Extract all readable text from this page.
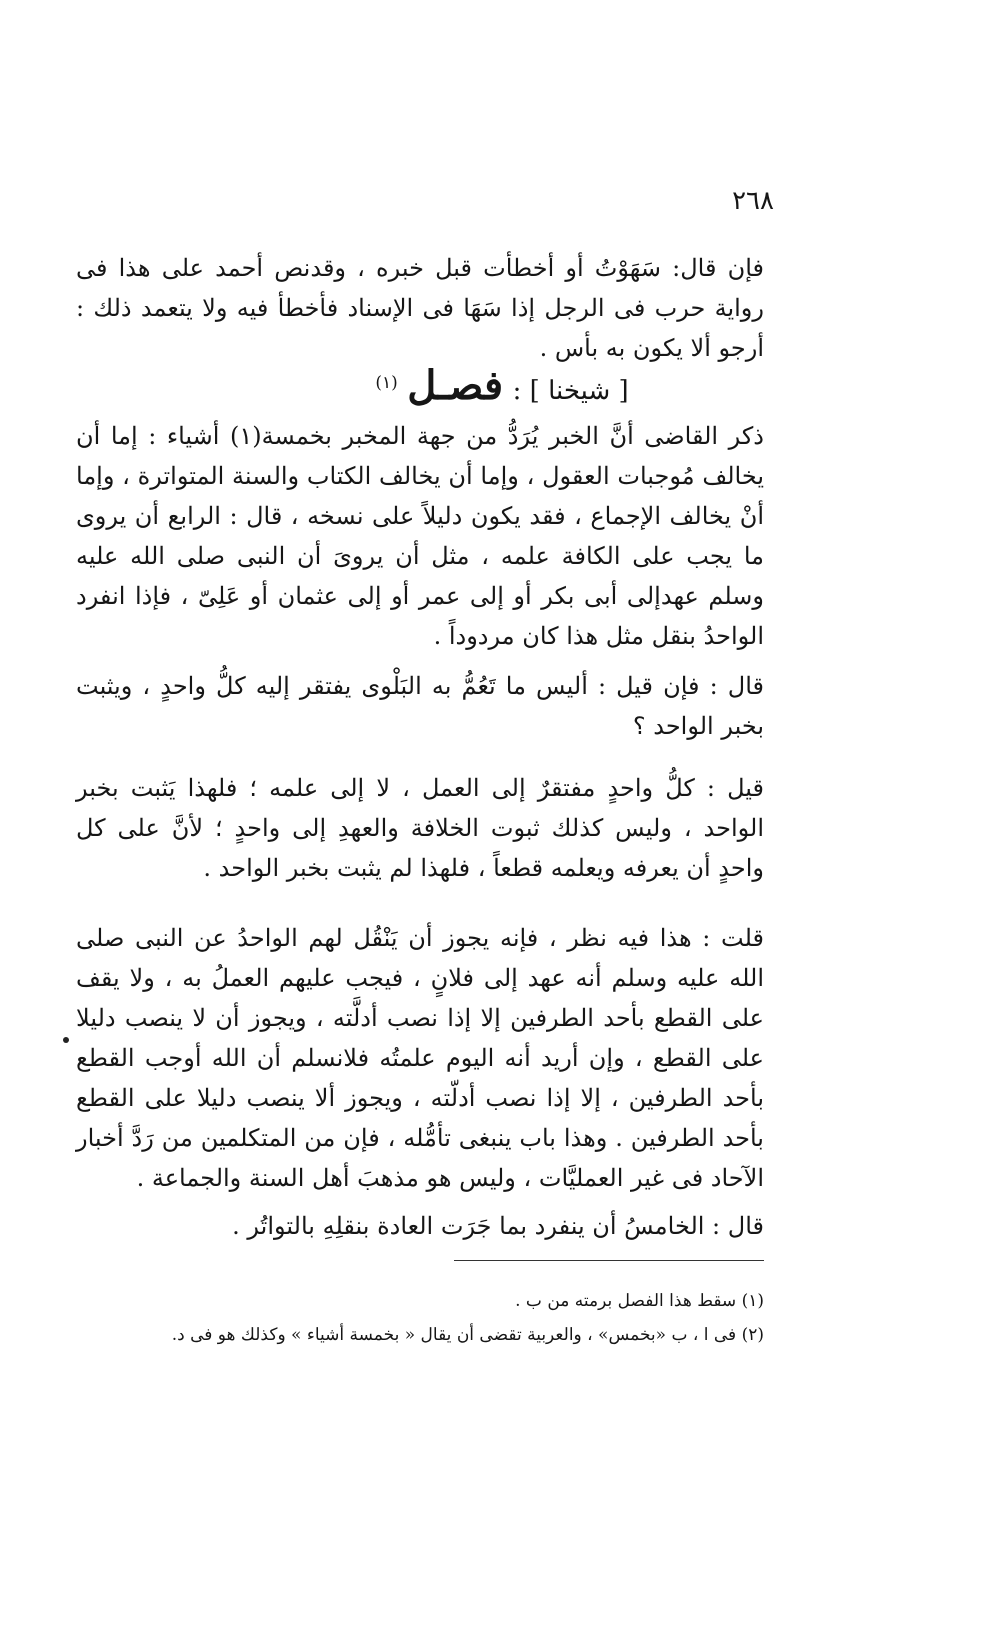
٢٦٨

فإن قال: سَهَوْتُ أو أخطأت قبل خبره ، وقدنص أحمد على هذا فى رواية حرب فى الرجل إذا سَهَا فى الإسناد فأخطأ فيه ولا يتعمد ذلك : أرجو ألا يكون به بأس .

[ شيخنا ] : فصـل $^{(١)}$

ذكر القاضى أنَّ الخبر يُرَدُّ من جهة المخبر بخمسة(١) أشياء : إما أن يخالف مُوجبات العقول ، وإما أن يخالف الكتاب والسنة المتواترة ، وإما أنْ يخالف الإجماع ، فقد يكون دليلاً على نسخه ، قال : الرابع أن يروى ما يجب على الكافة علمه ، مثل أن يروىَ أن النبى صلى الله عليه وسلم عهدإلى أبى بكر أو إلى عمر أو إلى عثمان أو عَلِىّ ، فإذا انفرد الواحدُ بنقل مثل هذا كان مردوداً .

قال : فإن قيل : أليس ما تَعُمُّ به البَلْوى يفتقر إليه كلُّ واحدٍ ، ويثبت بخبر الواحد ؟

قيل : كلُّ واحدٍ مفتقرٌ إلى العمل ، لا إلى علمه ؛ فلهذا يَثبت بخبر الواحد ، وليس كذلك ثبوت الخلافة والعهدِ إلى واحدٍ ؛ لأنَّ على كل واحدٍ أن يعرفه ويعلمه قطعاً ، فلهذا لم يثبت بخبر الواحد .

قلت : هذا فيه نظر ، فإنه يجوز أن يَنْقُل لهم الواحدُ عن النبى صلى الله عليه وسلم أنه عهد إلى فلانٍ ، فيجب عليهم العملُ به ، ولا يقف على القطع بأحد الطرفين إلا إذا نصب أدلَّته ، ويجوز أن لا ينصب دليلا على القطع ، وإن أريد أنه اليوم علمتُه فلانسلم أن الله أوجب القطع بأحد الطرفين ، إلا إذا نصب أدلّته ، ويجوز ألا ينصب دليلا على القطع بأحد الطرفين . وهذا باب ينبغى تأمُّله ، فإن من المتكلمين من رَدَّ أخبار الآحاد فى غير العمليَّات ، وليس هو مذهبَ أهل السنة والجماعة .

قال : الخامسُ أن ينفرد بما جَرَت العادة بنقلِهِ بالتواتُر .

(١) سقط هذا الفصل برمته من ب .

(٢) فى ا ، ب «بخمس» ، والعربية تقضى أن يقال « بخمسة أشياء » وكذلك هو فى د.
